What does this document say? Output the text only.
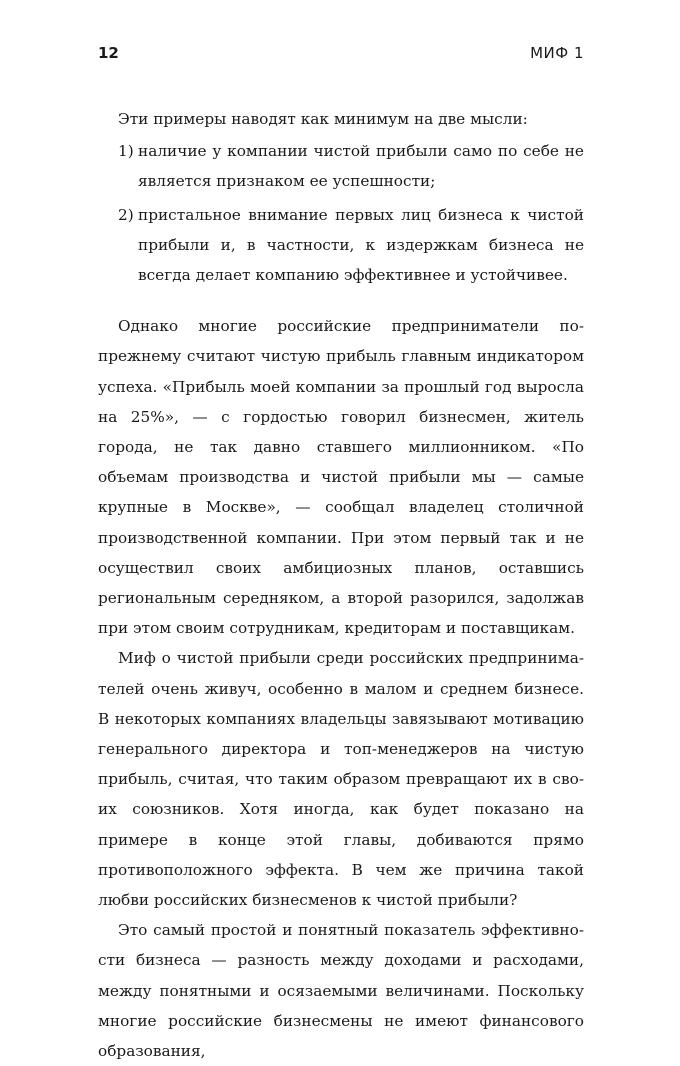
12	МИФ 1

Эти примеры наводят как минимум на две мысли:

1) наличие у компании чистой прибыли само по себе не является признаком ее успешности;
2) пристальное внимание первых лиц бизнеса к чистой прибыли и, в частности, к издержкам бизнеса не всегда делает компанию эффективнее и устойчивее.

Однако многие российские предприниматели по-прежнему считают чистую прибыль главным индикатором успеха. «Прибыль моей компании за прошлый год выросла на 25%», — с гордостью говорил бизнесмен, житель города, не так давно ставшего миллионником. «По объемам производства и чистой прибыли мы — самые крупные в Москве», — сообщал владелец столичной производственной компании. При этом первый так и не осуществил своих амбициозных планов, оставшись региональным середняком, а второй разорился, задолжав при этом своим сотрудникам, кредиторам и поставщикам.

Миф о чистой прибыли среди российских предпринимателей очень живуч, особенно в малом и среднем бизнесе. В некоторых компаниях владельцы завязывают мотивацию генерального директора и топ-менеджеров на чистую прибыль, считая, что таким образом превращают их в своих союзников. Хотя иногда, как будет показано на примере в конце этой главы, добиваются прямо противоположного эффекта. В чем же причина такой любви российских бизнесменов к чистой прибыли?

Это самый простой и понятный показатель эффективности бизнеса — разность между доходами и расходами, между понятными и осязаемыми величинами. Поскольку многие российские бизнесмены не имеют финансового образования,
